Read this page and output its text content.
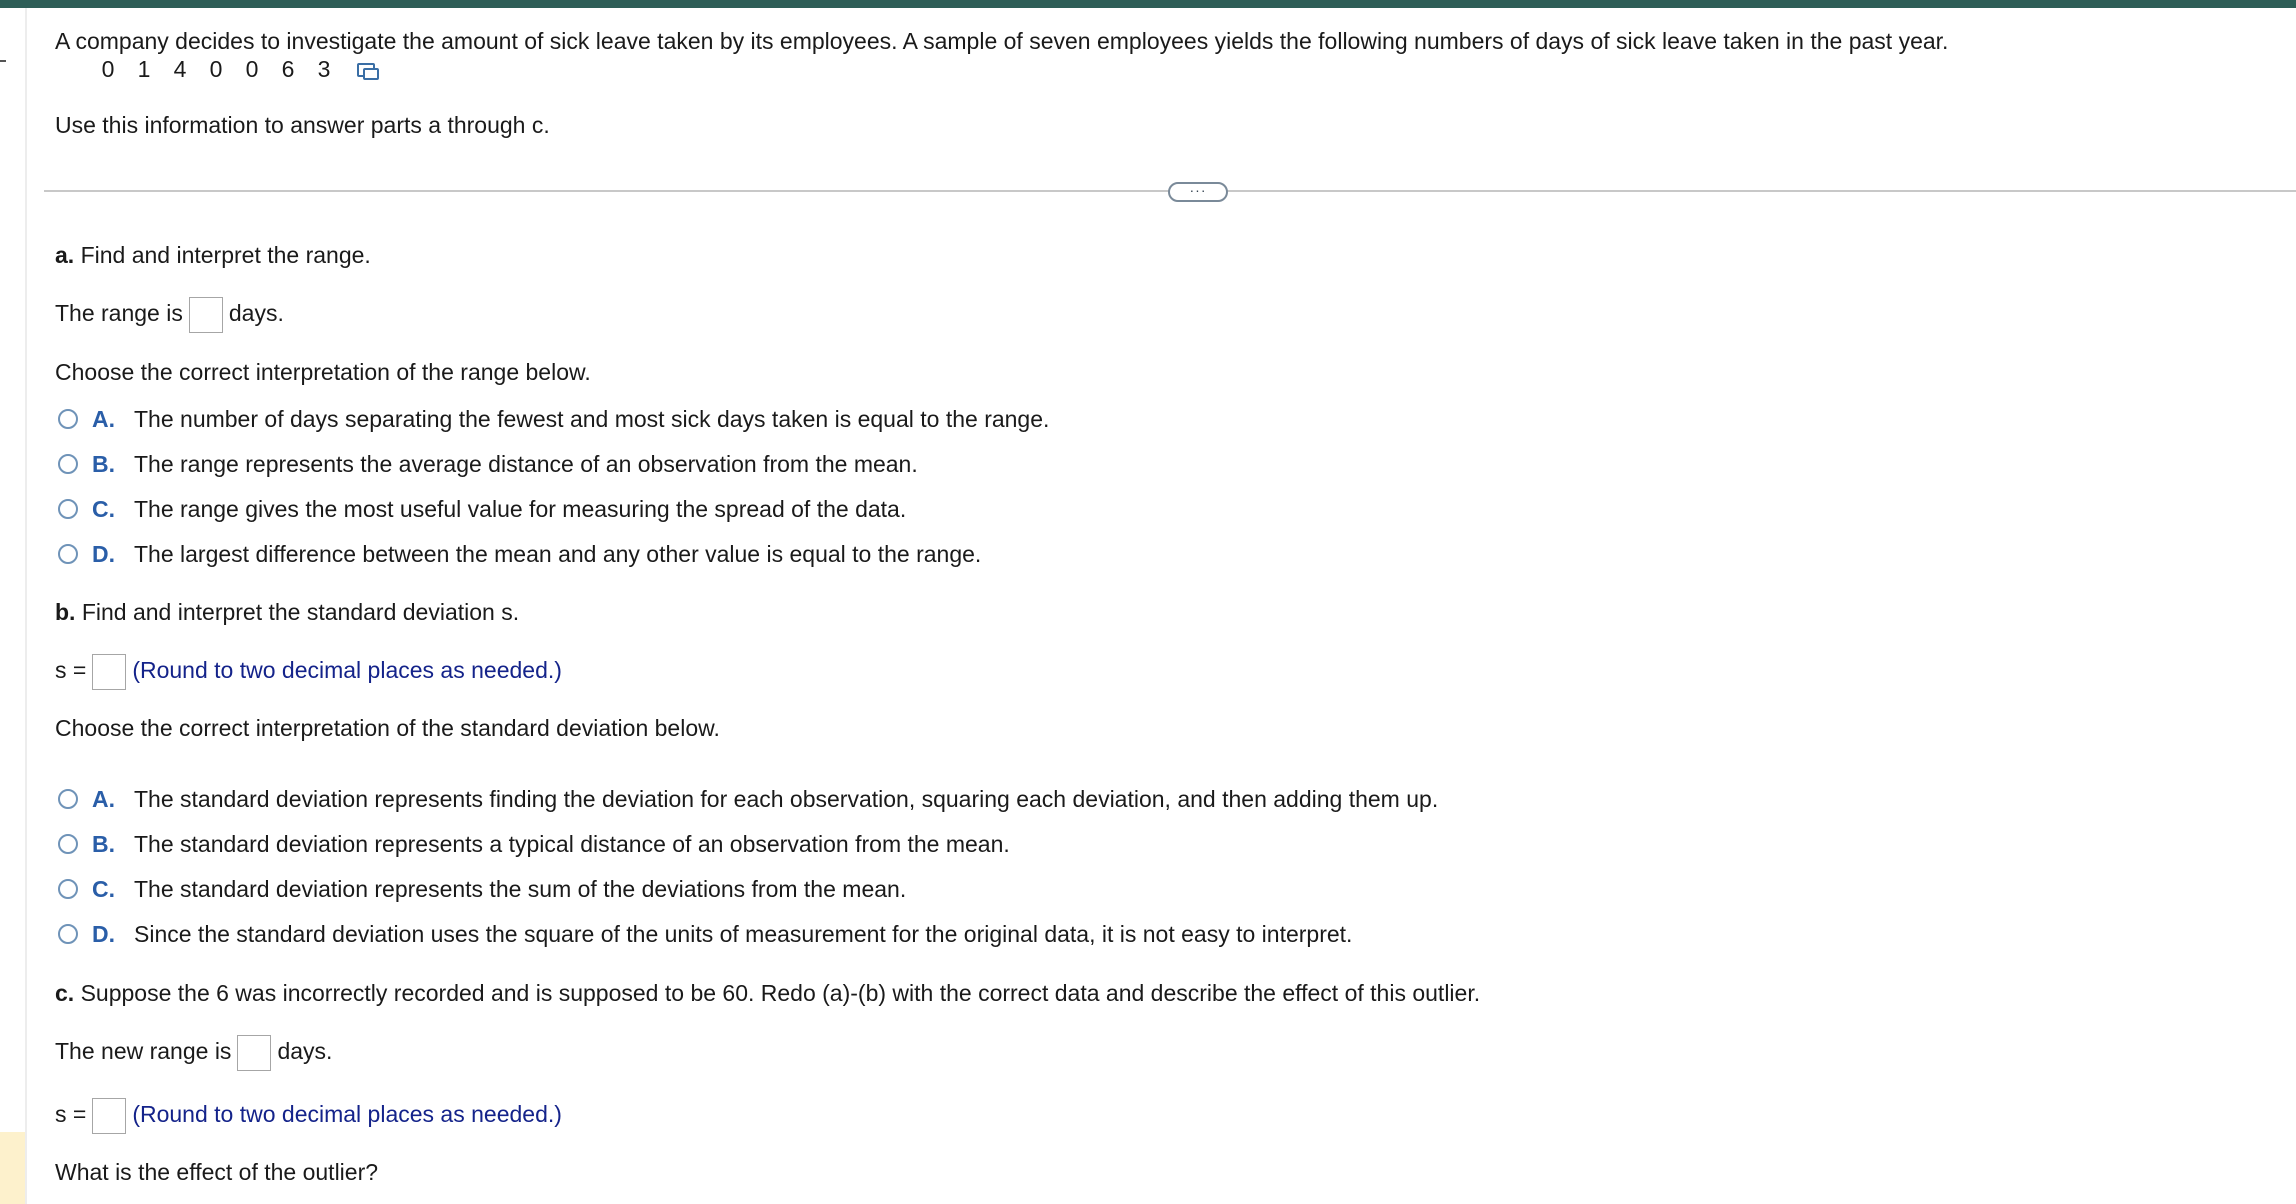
A company decides to investigate the amount of sick leave taken by its employees. A sample of seven employees yields the following numbers of days of sick leave taken in the past year.
0 1 4 0 0 6 3
Use this information to answer parts a through c.
···
a. Find and interpret the range.
The range is days.
Choose the correct interpretation of the range below.
A. The number of days separating the fewest and most sick days taken is equal to the range.
B. The range represents the average distance of an observation from the mean.
C. The range gives the most useful value for measuring the spread of the data.
D. The largest difference between the mean and any other value is equal to the range.
b. Find and interpret the standard deviation s.
s = (Round to two decimal places as needed.)
Choose the correct interpretation of the standard deviation below.
A. The standard deviation represents finding the deviation for each observation, squaring each deviation, and then adding them up.
B. The standard deviation represents a typical distance of an observation from the mean.
C. The standard deviation represents the sum of the deviations from the mean.
D. Since the standard deviation uses the square of the units of measurement for the original data, it is not easy to interpret.
c. Suppose the 6 was incorrectly recorded and is supposed to be 60. Redo (a)-(b) with the correct data and describe the effect of this outlier.
The new range is days.
s = (Round to two decimal places as needed.)
What is the effect of the outlier?
